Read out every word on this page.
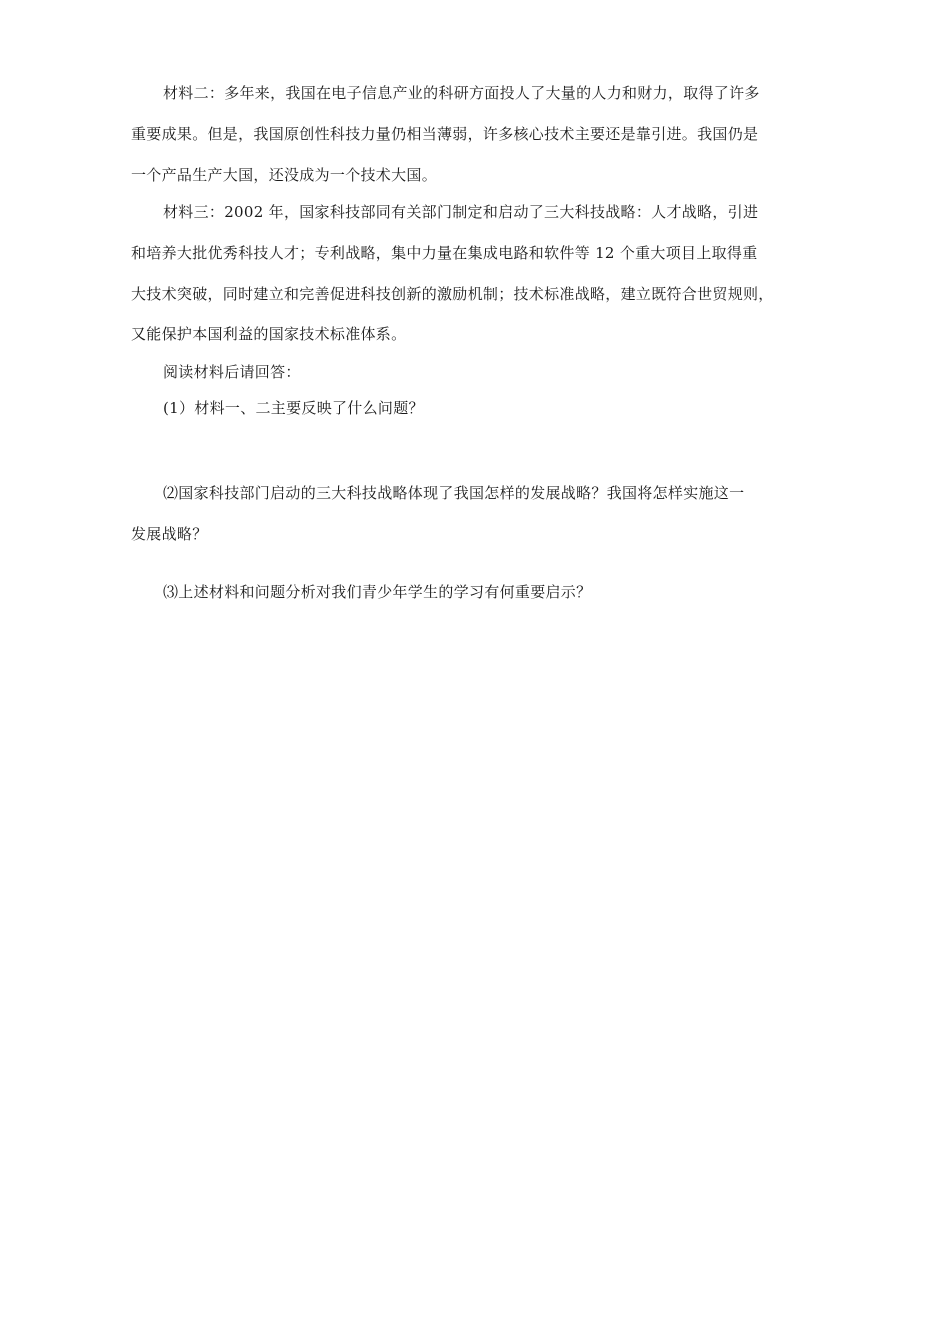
材料二：多年来，我国在电子信息产业的科研方面投人了大量的人力和财力，取得了许多
重要成果。但是，我国原创性科技力量仍相当薄弱，许多核心技术主要还是靠引进。我国仍是
一个产品生产大国，还没成为一个技术大国。
材料三：2002 年，国家科技部同有关部门制定和启动了三大科技战略：人才战略，引进
和培养大批优秀科技人才；专利战略，集中力量在集成电路和软件等 12 个重大项目上取得重
大技术突破，同时建立和完善促进科技创新的激励机制；技术标准战略，建立既符合世贸规则，
又能保护本国利益的国家技术标准体系。
阅读材料后请回答：
(1）材料一、二主要反映了什么问题？
⑵国家科技部门启动的三大科技战略体现了我国怎样的发展战略？我国将怎样实施这一
发展战略？
⑶上述材料和问题分析对我们青少年学生的学习有何重要启示？
